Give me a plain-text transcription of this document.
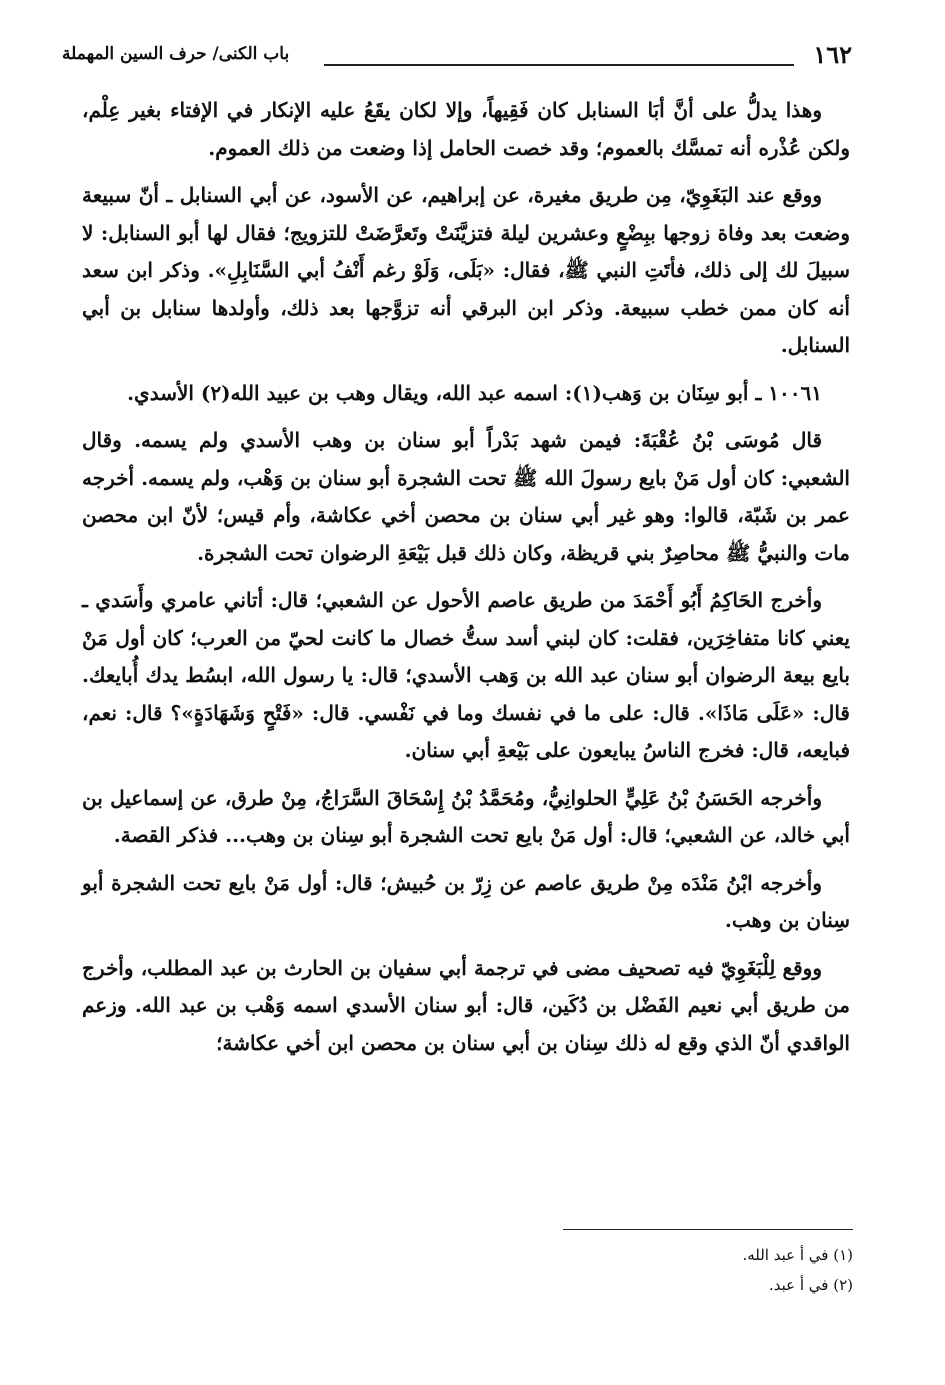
١٦٢
باب الكنى/ حرف السين المهملة

وهذا يدلُّ على أنَّ أبَا السنابل كان فَقِيهاً، وإلا لكان يقَعُ عليه الإنكار في الإفتاء بغير عِلْم، ولكن عُذْره أنه تمسَّك بالعموم؛ وقد خصت الحامل إذا وضعت من ذلك العموم.

ووقع عند البَغَوِيّ، مِن طريق مغيرة، عن إبراهيم، عن الأسود، عن أبي السنابل ـ أنّ سبيعة وضعت بعد وفاة زوجها ببِضْعٍ وعشرين ليلة فتزيَّنَتْ وتَعرَّضَتْ للتزويج؛ فقال لها أبو السنابل: لا سبيلَ لك إلى ذلك، فأتَتِ النبي ﷺ، فقال: «بَلَى، وَلَوْ رغم أَنْفُ أبي السَّنَابِلِ». وذكر ابن سعد أنه كان ممن خطب سبيعة. وذكر ابن البرقي أنه تزوَّجها بعد ذلك، وأولدها سنابل بن أبي السنابل.

١٠٠٦١ ـ أبو سِنَان بن وَهب(١): اسمه عبد الله، ويقال وهب بن عبيد الله(٢) الأسدي.

قال مُوسَى بْنُ عُقْبَةَ: فيمن شهد بَدْراً أبو سنان بن وهب الأسدي ولم يسمه. وقال الشعبي: كان أول مَنْ بايع رسولَ الله ﷺ تحت الشجرة أبو سنان بن وَهْب، ولم يسمه. أخرجه عمر بن شَبّة، قالوا: وهو غير أبي سنان بن محصن أخي عكاشة، وأم قيس؛ لأنّ ابن محصن مات والنبيُّ ﷺ محاصِرٌ بني قريظة، وكان ذلك قبل بَيْعَةِ الرضوان تحت الشجرة.

وأخرج الحَاكِمُ أَبُو أَحْمَدَ من طريق عاصم الأحول عن الشعبي؛ قال: أتاني عامري وأَسَدي ـ يعني كانا متفاخِرَين، فقلت: كان لبني أسد ستُّ خصال ما كانت لحيّ من العرب؛ كان أول مَنْ بايع بيعة الرضوان أبو سنان عبد الله بن وَهب الأسدي؛ قال: يا رسول الله، ابسُط يدك أُبايعك. قال: «عَلَى مَاذَا». قال: على ما في نفسك وما في نَفْسي. قال: «فَتْحٍ وَشَهَادَةٍ»؟ قال: نعم، فبايعه، قال: فخرج الناسُ يبايعون على بَيْعةِ أبي سنان.

وأخرجه الحَسَنُ بْنُ عَلِيٍّ الحلوانِيُّ، ومُحَمَّدُ بْنُ إِسْحَاقَ السَّرَاجُ، مِنْ طرق، عن إسماعيل بن أبي خالد، عن الشعبي؛ قال: أول مَنْ بايع تحت الشجرة أبو سِنان بن وهب... فذكر القصة.

وأخرجه ابْنُ مَنْدَه مِنْ طريق عاصم عن زِرّ بن حُبيش؛ قال: أول مَنْ بايع تحت الشجرة أبو سِنان بن وهب.

ووقع لِلْبَغَوِيّ فيه تصحيف مضى في ترجمة أبي سفيان بن الحارث بن عبد المطلب، وأخرج من طريق أبي نعيم الفَضْل بن دُكَين، قال: أبو سنان الأسدي اسمه وَهْب بن عبد الله. وزعم الواقدي أنّ الذي وقع له ذلك سِنان بن أبي سنان بن محصن ابن أخي عكاشة؛

(١) في أ عبد الله.

(٢) في أ عبد.
